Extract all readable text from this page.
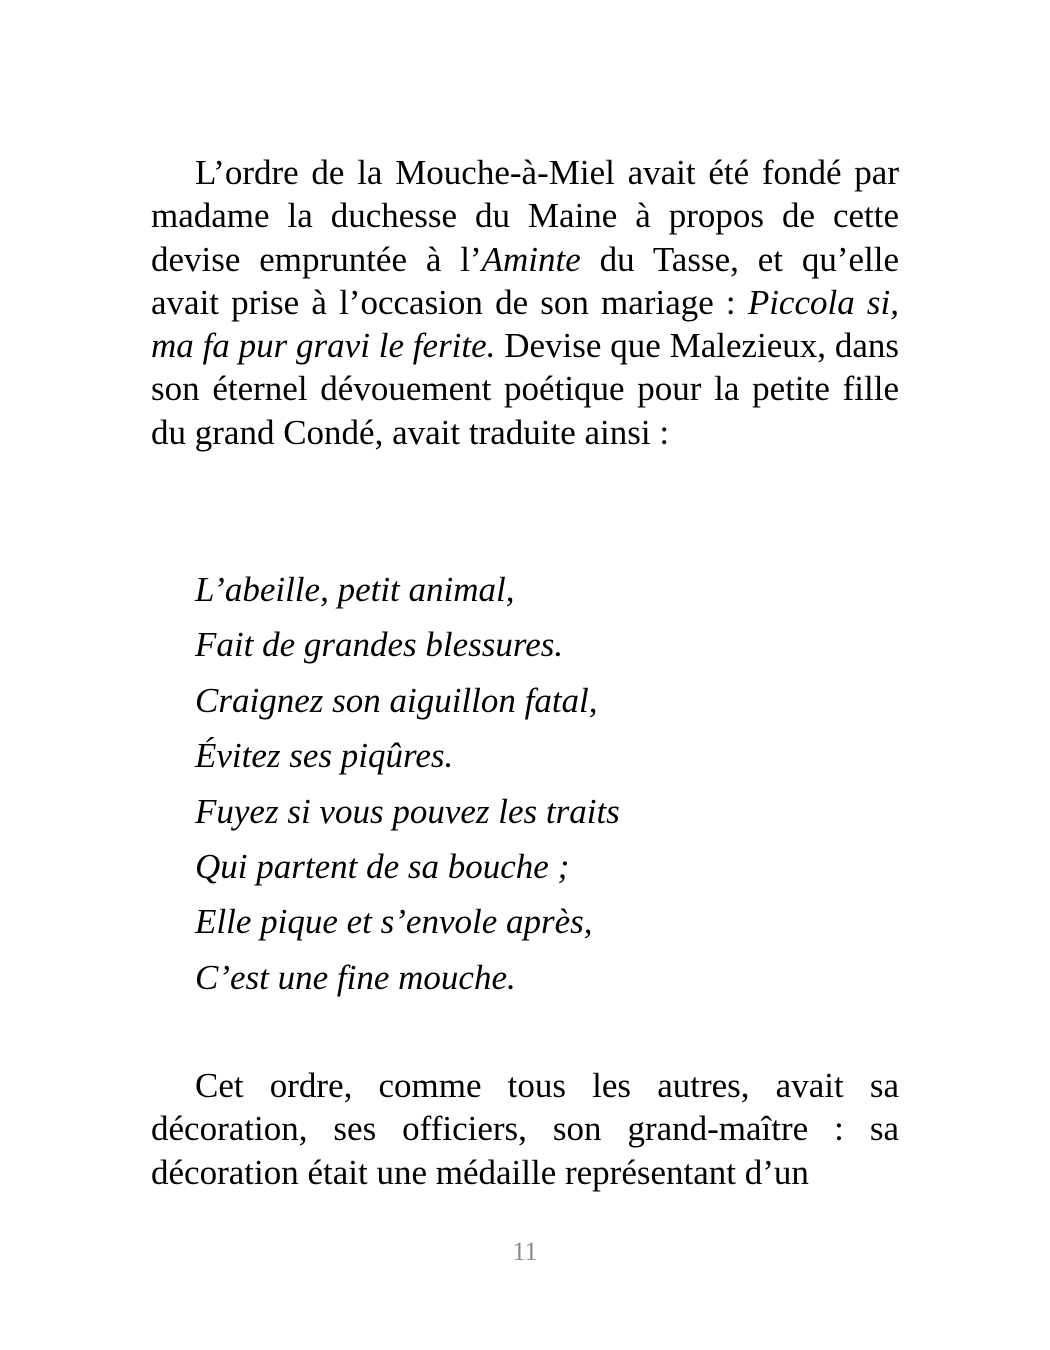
L’ordre de la Mouche-à-Miel avait été fondé par madame la duchesse du Maine à propos de cette devise empruntée à l’Aminte du Tasse, et qu’elle avait prise à l’occasion de son mariage : Piccola si, ma fa pur gravi le ferite. Devise que Malezieux, dans son éternel dévouement poétique pour la petite fille du grand Condé, avait traduite ainsi :

L’abeille, petit animal,
Fait de grandes blessures.
Craignez son aiguillon fatal,
Évitez ses piqûres.
Fuyez si vous pouvez les traits
Qui partent de sa bouche ;
Elle pique et s’envole après,
C’est une fine mouche.

Cet ordre, comme tous les autres, avait sa décoration, ses officiers, son grand-maître : sa décoration était une médaille représentant d’un

11
